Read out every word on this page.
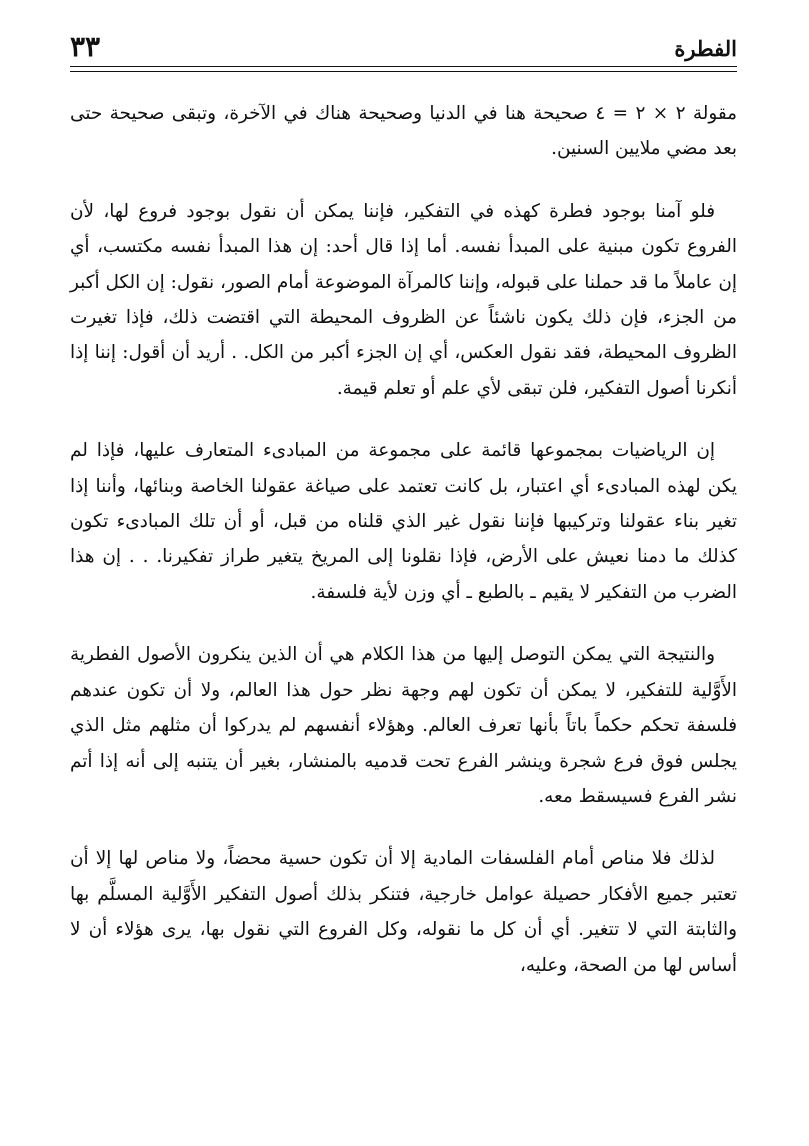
الفطرة
٣٣

مقولة ٢ × ٢ = ٤ صحيحة هنا في الدنيا وصحيحة هناك في الآخرة، وتبقى صحيحة حتى بعد مضي ملايين السنين.

فلو آمنا بوجود فطرة كهذه في التفكير، فإننا يمكن أن نقول بوجود فروع لها، لأن الفروع تكون مبنية على المبدأ نفسه. أما إذا قال أحد: إن هذا المبدأ نفسه مكتسب، أي إن عاملاً ما قد حملنا على قبوله، وإننا كالمرآة الموضوعة أمام الصور، نقول: إن الكل أكبر من الجزء، فإن ذلك يكون ناشئاً عن الظروف المحيطة التي اقتضت ذلك، فإذا تغيرت الظروف المحيطة، فقد نقول العكس، أي إن الجزء أكبر من الكل. . أريد أن أقول: إننا إذا أنكرنا أصول التفكير، فلن تبقى لأي علم أو تعلم قيمة.

إن الرياضيات بمجموعها قائمة على مجموعة من المبادىء المتعارف عليها، فإذا لم يكن لهذه المبادىء أي اعتبار، بل كانت تعتمد على صياغة عقولنا الخاصة وبنائها، وأننا إذا تغير بناء عقولنا وتركيبها فإننا نقول غير الذي قلناه من قبل، أو أن تلك المبادىء تكون كذلك ما دمنا نعيش على الأرض، فإذا نقلونا إلى المريخ يتغير طراز تفكيرنا. . . إن هذا الضرب من التفكير لا يقيم ـ بالطبع ـ أي وزن لأية فلسفة.

والنتيجة التي يمكن التوصل إليها من هذا الكلام هي أن الذين ينكرون الأصول الفطرية الأَوَّلية للتفكير، لا يمكن أن تكون لهم وجهة نظر حول هذا العالم، ولا أن تكون عندهم فلسفة تحكم حكماً باتاً بأنها تعرف العالم. وهؤلاء أنفسهم لم يدركوا أن مثلهم مثل الذي يجلس فوق فرع شجرة وينشر الفرع تحت قدميه بالمنشار، بغير أن يتنبه إلى أنه إذا أتم نشر الفرع فسيسقط معه.

لذلك فلا مناص أمام الفلسفات المادية إلا أن تكون حسية محضاً، ولا مناص لها إلا أن تعتبر جميع الأفكار حصيلة عوامل خارجية، فتنكر بذلك أصول التفكير الأَوَّلية المسلَّم بها والثابتة التي لا تتغير. أي أن كل ما نقوله، وكل الفروع التي نقول بها، يرى هؤلاء أن لا أساس لها من الصحة، وعليه،
